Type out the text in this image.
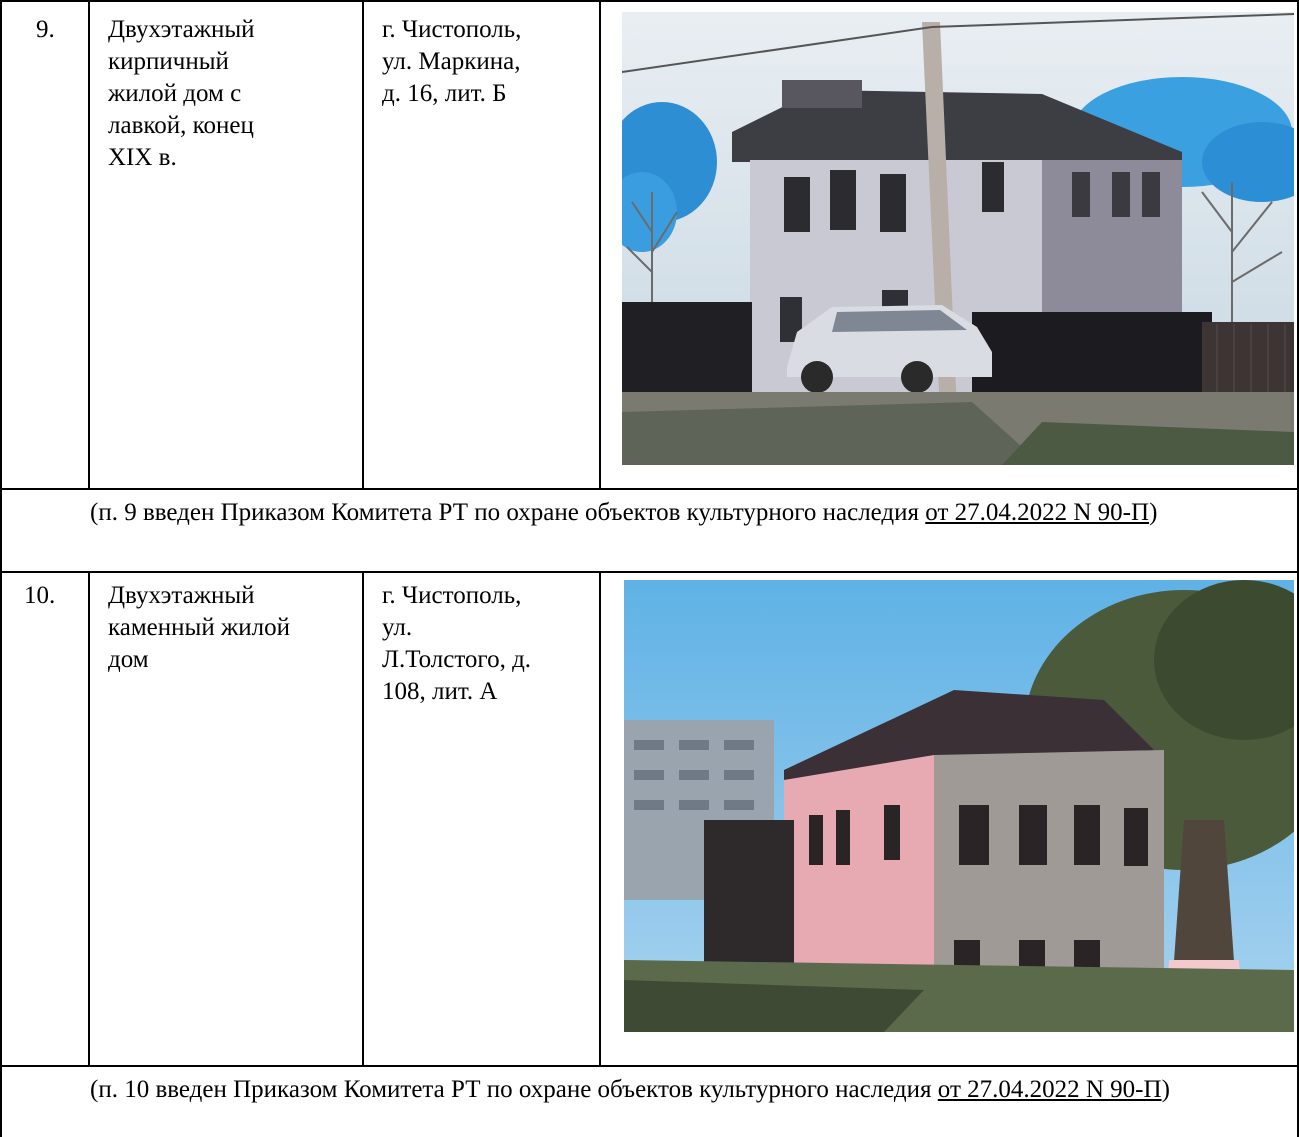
9. Двухэтажный
кирпичный
жилой дом с
лавкой, конец
XIX в.
г. Чистополь,
ул. Маркина,
д. 16, лит. Б
(п. 9 введен Приказом Комитета РТ по охране объектов культурного наследия от 27.04.2022 N 90-П)
10. Двухэтажный
каменный жилой
дом
г. Чистополь,
ул.
Л.Толстого, д.
108, лит. А
(п. 10 введен Приказом Комитета РТ по охране объектов культурного наследия от 27.04.2022 N 90-П)
